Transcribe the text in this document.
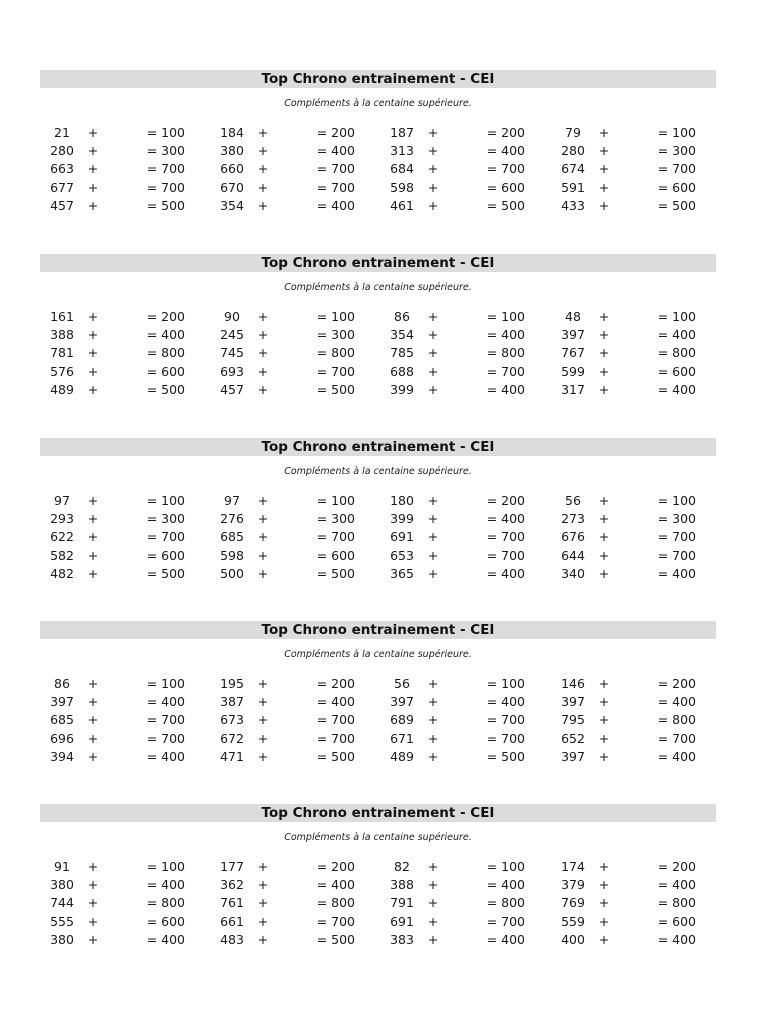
Top Chrono entrainement - CEI
Compléments à la centaine supérieure.
21	+	= 100	184	+	= 200	187	+	= 200	79	+	= 100
280	+	= 300	380	+	= 400	313	+	= 400	280	+	= 300
663	+	= 700	660	+	= 700	684	+	= 700	674	+	= 700
677	+	= 700	670	+	= 700	598	+	= 600	591	+	= 600
457	+	= 500	354	+	= 400	461	+	= 500	433	+	= 500
Top Chrono entrainement - CEI
Compléments à la centaine supérieure.
161	+	= 200	90	+	= 100	86	+	= 100	48	+	= 100
388	+	= 400	245	+	= 300	354	+	= 400	397	+	= 400
781	+	= 800	745	+	= 800	785	+	= 800	767	+	= 800
576	+	= 600	693	+	= 700	688	+	= 700	599	+	= 600
489	+	= 500	457	+	= 500	399	+	= 400	317	+	= 400
Top Chrono entrainement - CEI
Compléments à la centaine supérieure.
97	+	= 100	97	+	= 100	180	+	= 200	56	+	= 100
293	+	= 300	276	+	= 300	399	+	= 400	273	+	= 300
622	+	= 700	685	+	= 700	691	+	= 700	676	+	= 700
582	+	= 600	598	+	= 600	653	+	= 700	644	+	= 700
482	+	= 500	500	+	= 500	365	+	= 400	340	+	= 400
Top Chrono entrainement - CEI
Compléments à la centaine supérieure.
86	+	= 100	195	+	= 200	56	+	= 100	146	+	= 200
397	+	= 400	387	+	= 400	397	+	= 400	397	+	= 400
685	+	= 700	673	+	= 700	689	+	= 700	795	+	= 800
696	+	= 700	672	+	= 700	671	+	= 700	652	+	= 700
394	+	= 400	471	+	= 500	489	+	= 500	397	+	= 400
Top Chrono entrainement - CEI
Compléments à la centaine supérieure.
91	+	= 100	177	+	= 200	82	+	= 100	174	+	= 200
380	+	= 400	362	+	= 400	388	+	= 400	379	+	= 400
744	+	= 800	761	+	= 800	791	+	= 800	769	+	= 800
555	+	= 600	661	+	= 700	691	+	= 700	559	+	= 600
380	+	= 400	483	+	= 500	383	+	= 400	400	+	= 400
